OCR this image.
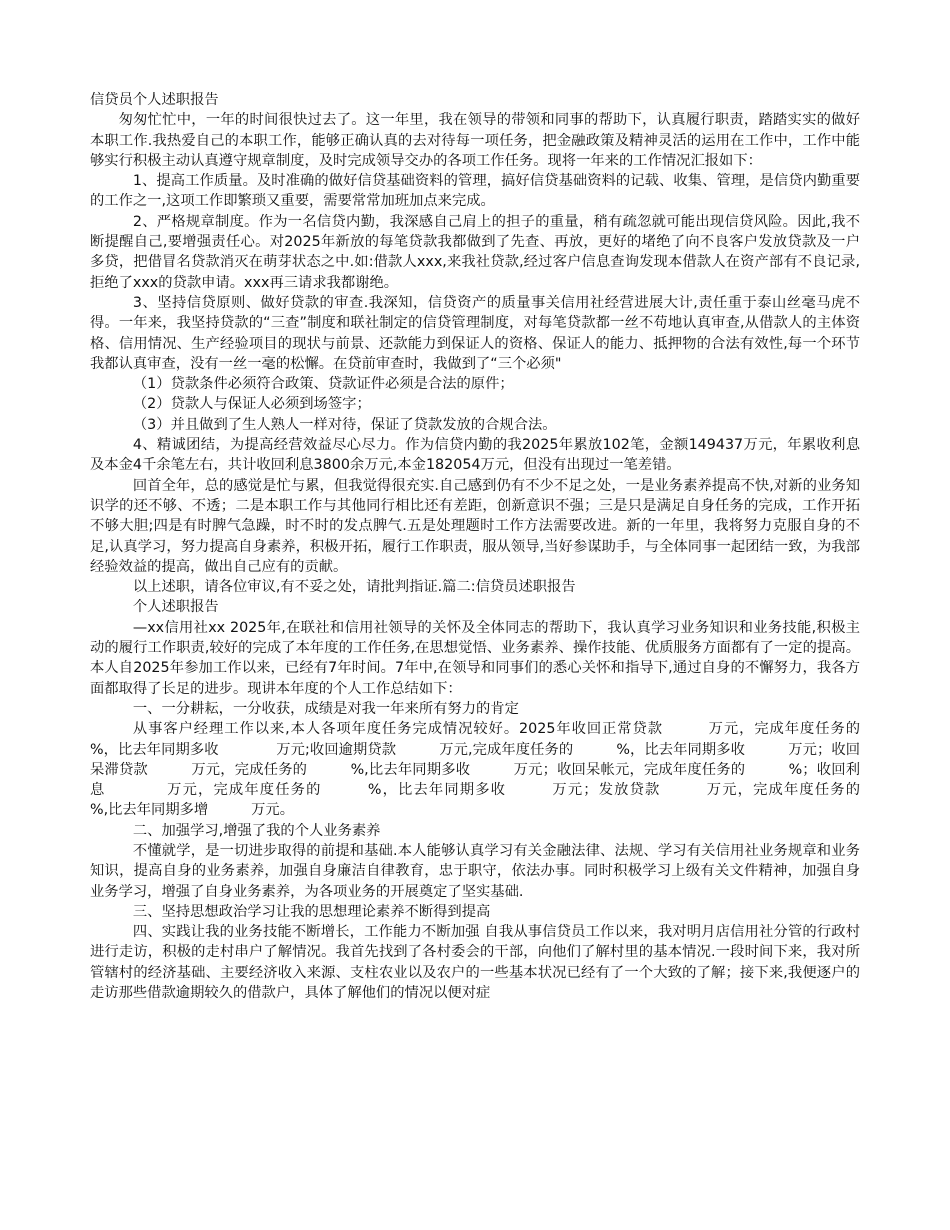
信贷员个人述职报告

匆匆忙忙中，一年的时间很快过去了。这一年里，我在领导的带领和同事的帮助下，认真履行职责，踏踏实实的做好本职工作.我热爱自己的本职工作，能够正确认真的去对待每一项任务，把金融政策及精神灵活的运用在工作中，工作中能够实行积极主动认真遵守规章制度，及时完成领导交办的各项工作任务。现将一年来的工作情况汇报如下：

1、提高工作质量。及时准确的做好信贷基础资料的管理，搞好信贷基础资料的记载、收集、管理，是信贷内勤重要的工作之一,这项工作即繁琐又重要，需要常常加班加点来完成。

2、严格规章制度。作为一名信贷内勤，我深感自己肩上的担子的重量，稍有疏忽就可能出现信贷风险。因此,我不断提醒自己,要增强责任心。对2025年新放的每笔贷款我都做到了先查、再放，更好的堵绝了向不良客户发放贷款及一户多贷，把借冒名贷款消灭在萌芽状态之中.如:借款人xxx,来我社贷款,经过客户信息查询发现本借款人在资产部有不良记录,拒绝了xxx的贷款申请。xxx再三请求我都谢绝。

3、坚持信贷原则、做好贷款的审查.我深知，信贷资产的质量事关信用社经营进展大计,责任重于泰山丝毫马虎不得。一年来，我坚持贷款的“三查”制度和联社制定的信贷管理制度，对每笔贷款都一丝不苟地认真审查,从借款人的主体资格、信用情况、生产经验项目的现状与前景、还款能力到保证人的资格、保证人的能力、抵押物的合法有效性,每一个环节我都认真审查，没有一丝一毫的松懈。在贷前审查时，我做到了“三个必须"

（1）贷款条件必须符合政策、贷款证件必须是合法的原件；

（2）贷款人与保证人必须到场签字；

（3）并且做到了生人熟人一样对待，保证了贷款发放的合规合法。

4、精诚团结，为提高经营效益尽心尽力。作为信贷内勤的我2025年累放102笔，金额149437万元，年累收利息及本金4千余笔左右，共计收回利息3800余万元,本金182054万元，但没有出现过一笔差错。

回首全年，总的感觉是忙与累，但我觉得很充实.自己感到仍有不少不足之处，一是业务素养提高不快,对新的业务知识学的还不够、不透；二是本职工作与其他同行相比还有差距，创新意识不强；三是只是满足自身任务的完成，工作开拓不够大胆;四是有时脾气急躁，时不时的发点脾气.五是处理题时工作方法需要改进。新的一年里，我将努力克服自身的不足,认真学习，努力提高自身素养，积极开拓，履行工作职责，服从领导,当好参谋助手，与全体同事一起团结一致，为我部经验效益的提高，做出自己应有的贡献。

以上述职，请各位审议,有不妥之处，请批判指证.篇二:信贷员述职报告

个人述职报告

—xx信用社xx 2025年,在联社和信用社领导的关怀及全体同志的帮助下，我认真学习业务知识和业务技能,积极主动的履行工作职责,较好的完成了本年度的工作任务,在思想觉悟、业务素养、操作技能、优质服务方面都有了一定的提高。本人自2025年参加工作以来，已经有7年时间。7年中,在领导和同事们的悉心关怀和指导下,通过自身的不懈努力，我各方面都取得了长足的进步。现讲本年度的个人工作总结如下：

一、一分耕耘，一分收获，成绩是对我一年来所有努力的肯定

从事客户经理工作以来,本人各项年度任务完成情况较好。2025年收回正常贷款　　　万元，完成年度任务的　　　%，比去年同期多收　　　　万元;收回逾期贷款　　　万元,完成年度任务的　　　%，比去年同期多收　　　万元；收回呆滞贷款　　　万元，完成任务的　　　%,比去年同期多收　　　万元；收回呆帐元，完成年度任务的　　　%；收回利息　　　　万元，完成年度任务的　　　%，比去年同期多收　　　万元；发放贷款　　　万元，完成年度任务的　　　%,比去年同期多增　　　万元。

二、加强学习,增强了我的个人业务素养

不懂就学，是一切进步取得的前提和基础.本人能够认真学习有关金融法律、法规、学习有关信用社业务规章和业务知识，提高自身的业务素养，加强自身廉洁自律教育，忠于职守，依法办事。同时积极学习上级有关文件精神，加强自身业务学习，增强了自身业务素养，为各项业务的开展奠定了坚实基础.

三、坚持思想政治学习让我的思想理论素养不断得到提高

四、实践让我的业务技能不断增长，工作能力不断加强 自我从事信贷员工作以来，我对明月店信用社分管的行政村进行走访，积极的走村串户了解情况。我首先找到了各村委会的干部，向他们了解村里的基本情况.一段时间下来，我对所管辖村的经济基础、主要经济收入来源、支柱农业以及农户的一些基本状况已经有了一个大致的了解；接下来,我便逐户的走访那些借款逾期较久的借款户，具体了解他们的情况以便对症
